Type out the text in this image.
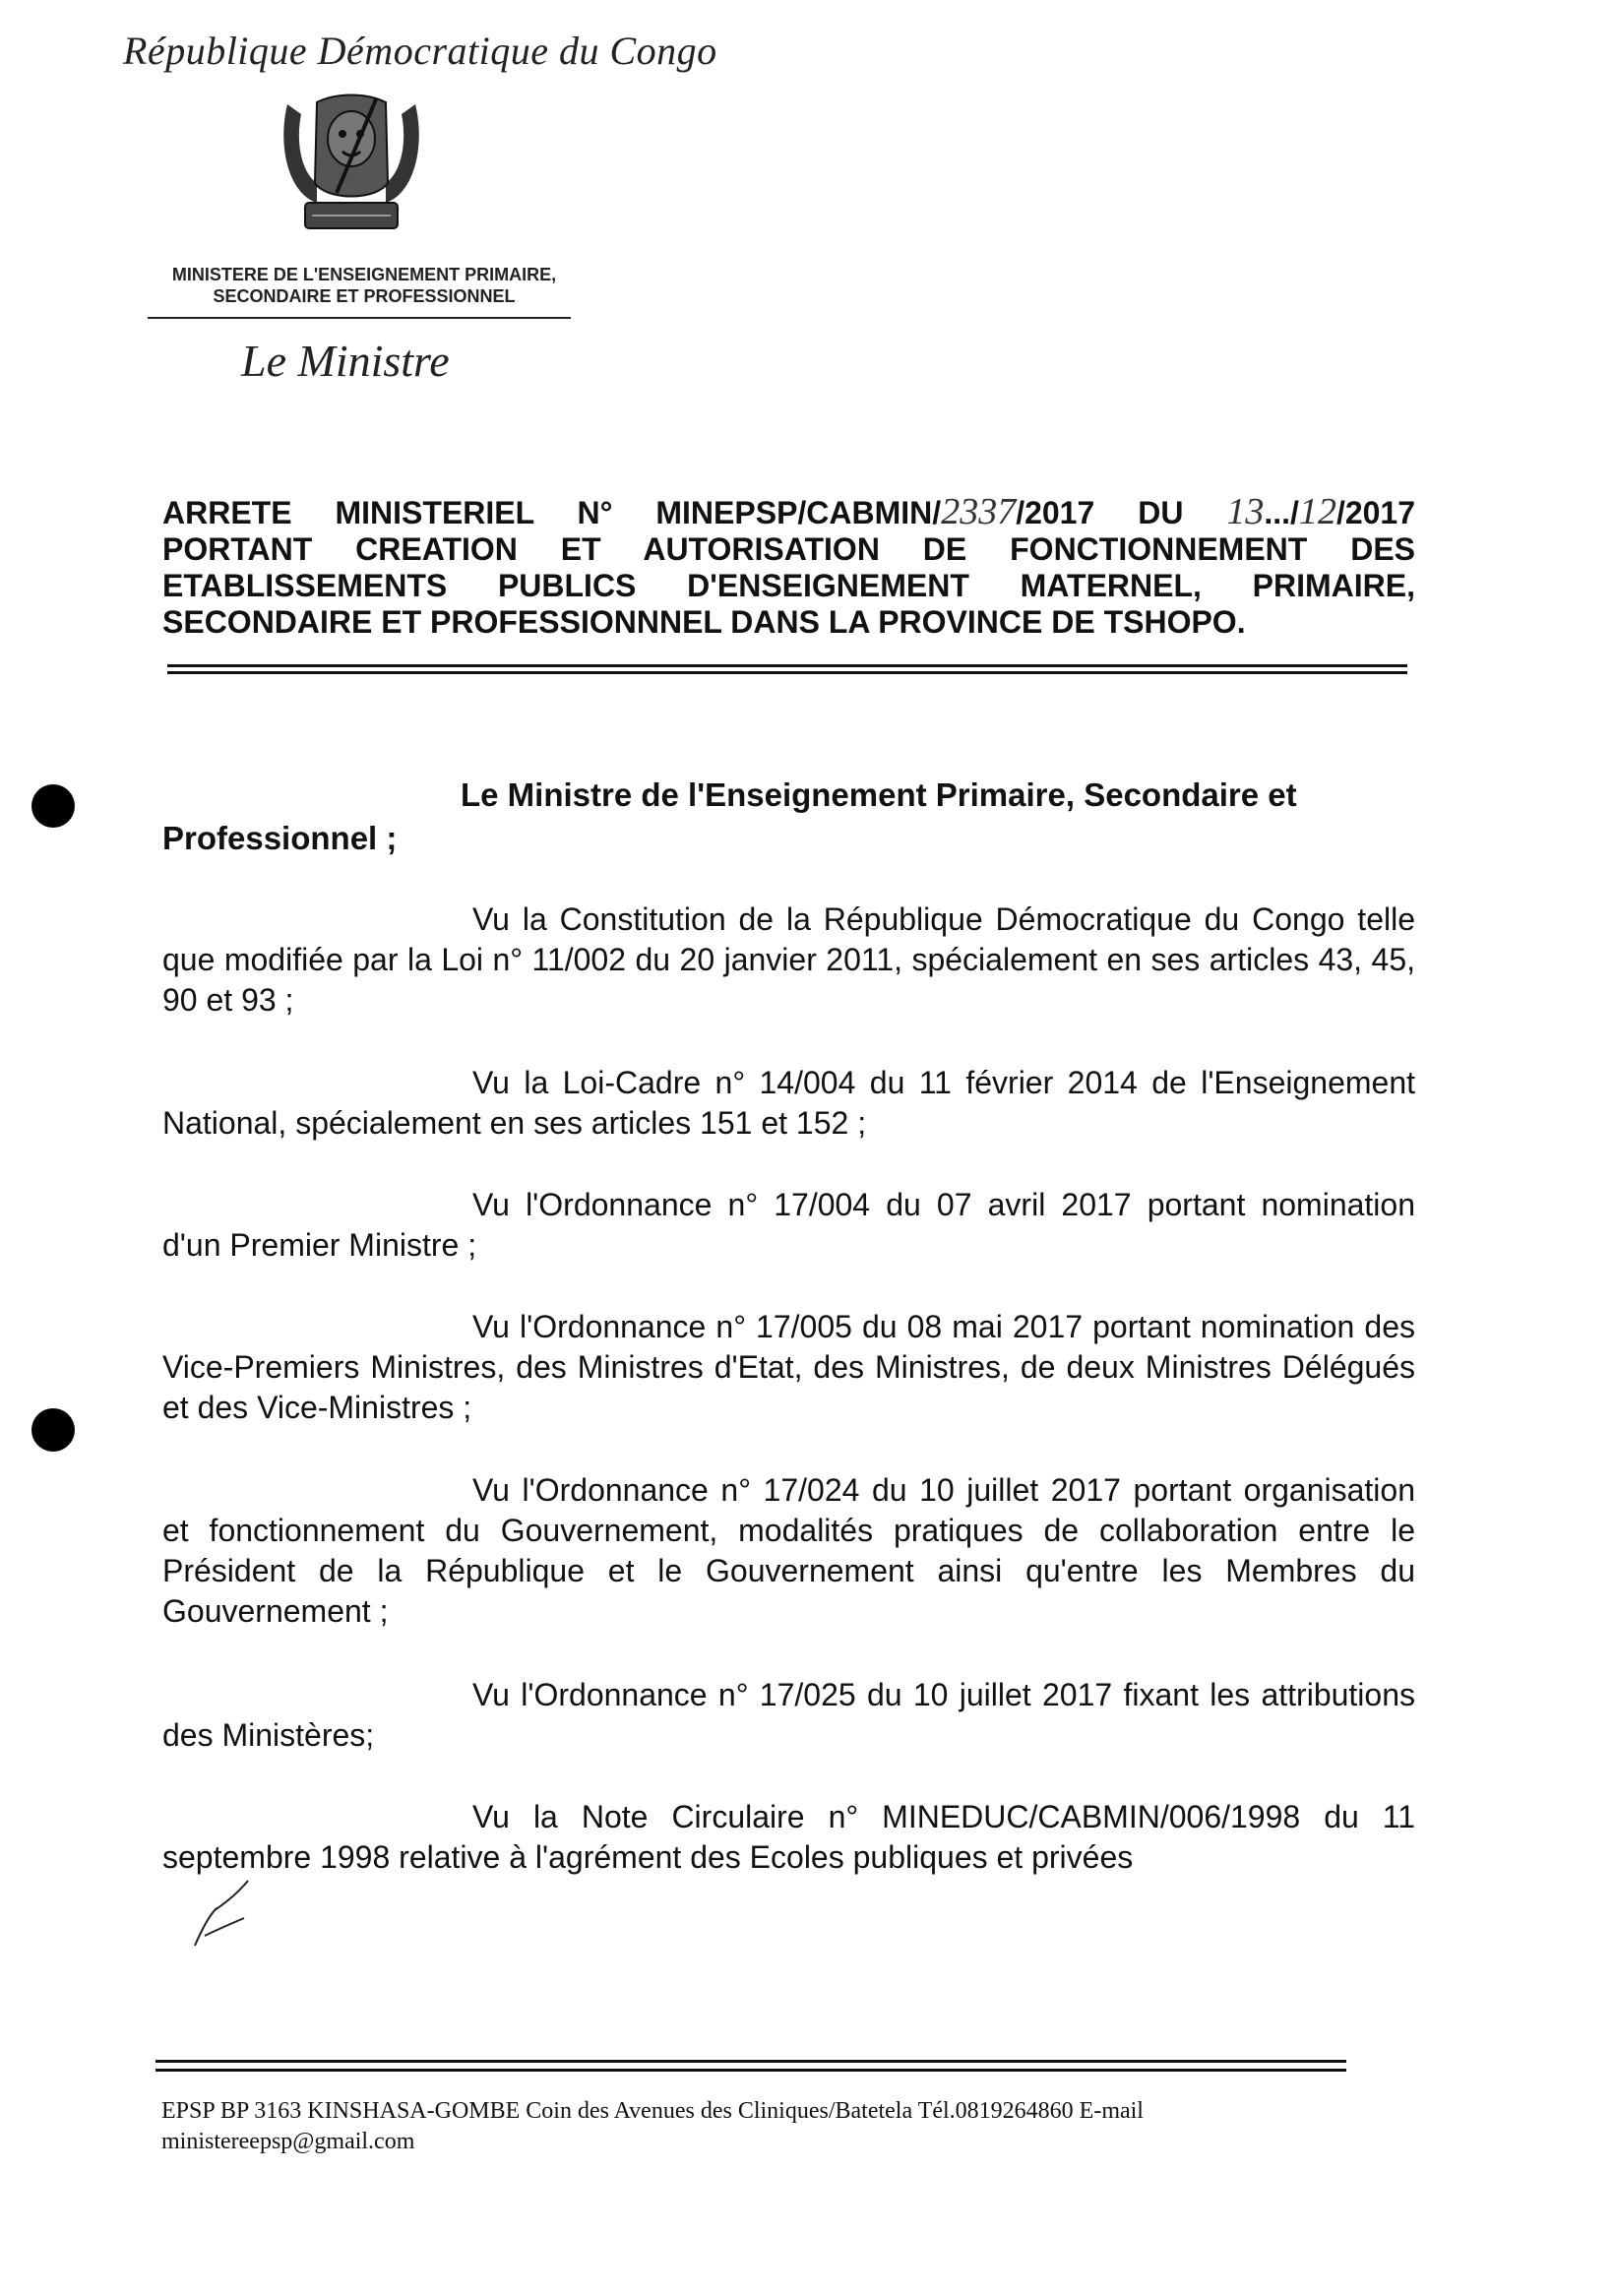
République Démocratique du Congo
MINISTERE DE L'ENSEIGNEMENT PRIMAIRE,
SECONDAIRE ET PROFESSIONNEL
Le Ministre
ARRETE MINISTERIEL N° MINEPSP/CABMIN/2337/2017 DU 13.../12/2017
PORTANT CREATION ET AUTORISATION DE FONCTIONNEMENT DES
ETABLISSEMENTS PUBLICS D'ENSEIGNEMENT MATERNEL, PRIMAIRE,
SECONDAIRE ET PROFESSIONNNEL DANS LA PROVINCE DE TSHOPO.
Le Ministre de l'Enseignement Primaire, Secondaire et
Professionnel ;
Vu la Constitution de la République Démocratique du Congo telle que modifiée par la Loi n° 11/002 du 20 janvier 2011, spécialement en ses articles 43, 45, 90 et 93 ;
Vu la Loi-Cadre n° 14/004 du 11 février 2014 de l'Enseignement National, spécialement en ses articles 151 et 152 ;
Vu l'Ordonnance n° 17/004 du 07 avril 2017 portant nomination d'un Premier Ministre ;
Vu l'Ordonnance n° 17/005 du 08 mai 2017 portant nomination des Vice-Premiers Ministres, des Ministres d'Etat, des Ministres, de deux Ministres Délégués et des Vice-Ministres ;
Vu l'Ordonnance n° 17/024 du 10 juillet 2017 portant organisation et fonctionnement du Gouvernement, modalités pratiques de collaboration entre le Président de la République et le Gouvernement ainsi qu'entre les Membres du Gouvernement ;
Vu l'Ordonnance n° 17/025 du 10 juillet 2017 fixant les attributions des Ministères;
Vu la Note Circulaire n° MINEDUC/CABMIN/006/1998 du 11 septembre 1998 relative à l'agrément des Ecoles publiques et privées
EPSP BP 3163 KINSHASA-GOMBE Coin des Avenues des Cliniques/Batetela Tél.0819264860 E-mail
ministereepsp@gmail.com
